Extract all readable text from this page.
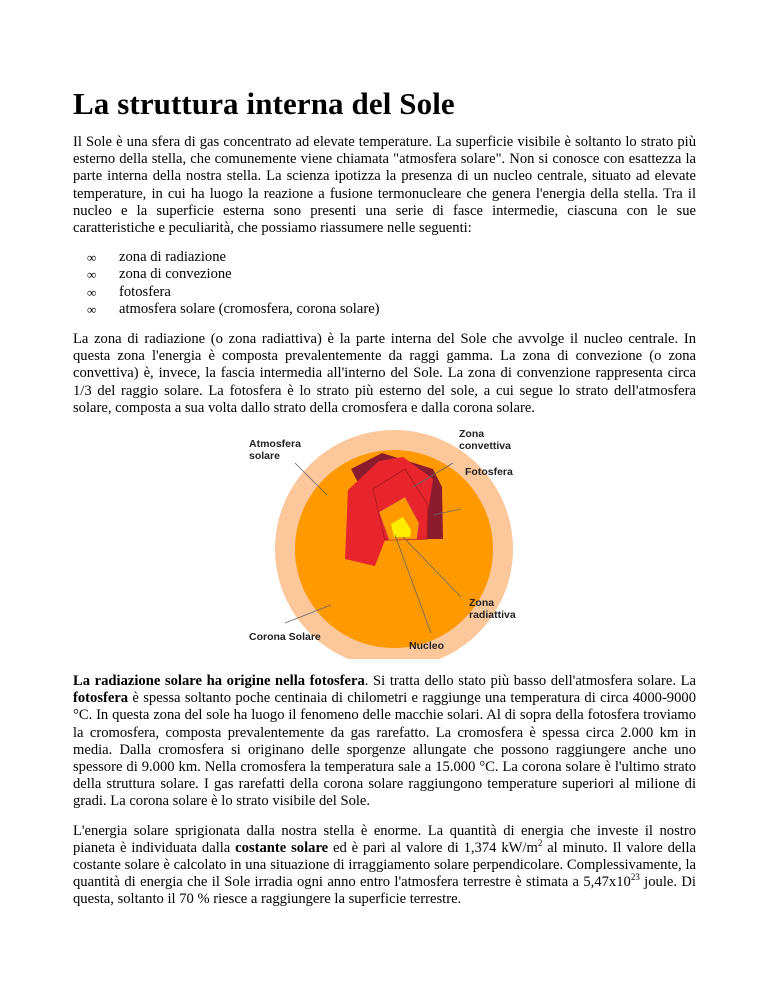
La struttura interna del Sole

Il Sole è una sfera di gas concentrato ad elevate temperature. La superficie visibile è soltanto lo strato più esterno della stella, che comunemente viene chiamata "atmosfera solare". Non si conosce con esattezza la parte interna della nostra stella. La scienza ipotizza la presenza di un nucleo centrale, situato ad elevate temperature, in cui ha luogo la reazione a fusione termonucleare che genera l'energia della stella. Tra il nucleo e la superficie esterna sono presenti una serie di fasce intermedie, ciascuna con le sue caratteristiche e peculiarità, che possiamo riassumere nelle seguenti:

∞ zona di radiazione
∞ zona di convezione
∞ fotosfera
∞ atmosfera solare (cromosfera, corona solare)

La zona di radiazione (o zona radiattiva) è la parte interna del Sole che avvolge il nucleo centrale. In questa zona l'energia è composta prevalentemente da raggi gamma. La zona di convezione (o zona convettiva) è, invece, la fascia intermedia all'interno del Sole. La zona di convenzione rappresenta circa 1/3 del raggio solare. La fotosfera è lo strato più esterno del sole, a cui segue lo strato dell'atmosfera solare, composta a sua volta dallo strato della cromosfera e dalla corona solare.

Atmosfera
solare
Zona
convettiva
Fotosfera
Zona
radiattiva
Corona Solare
Nucleo

La radiazione solare ha origine nella fotosfera. Si tratta dello stato più basso dell'atmosfera solare. La fotosfera è spessa soltanto poche centinaia di chilometri e raggiunge una temperatura di circa 4000-9000 °C. In questa zona del sole ha luogo il fenomeno delle macchie solari. Al di sopra della fotosfera troviamo la cromosfera, composta prevalentemente da gas rarefatto. La cromosfera è spessa circa 2.000 km in media. Dalla cromosfera si originano delle sporgenze allungate che possono raggiungere anche uno spessore di 9.000 km. Nella cromosfera la temperatura sale a 15.000 °C. La corona solare è l'ultimo strato della struttura solare. I gas rarefatti della corona solare raggiungono temperature superiori al milione di gradi. La corona solare è lo strato visibile del Sole.

L'energia solare sprigionata dalla nostra stella è enorme. La quantità di energia che investe il nostro pianeta è individuata dalla costante solare ed è pari al valore di 1,374 $kW/m^2$ al minuto. Il valore della costante solare è calcolato in una situazione di irraggiamento solare perpendicolare. Complessivamente, la quantità di energia che il Sole irradia ogni anno entro l'atmosfera terrestre è stimata a $5,47x10^{23}$ joule. Di questa, soltanto il 70 % riesce a raggiungere la superficie terrestre.
